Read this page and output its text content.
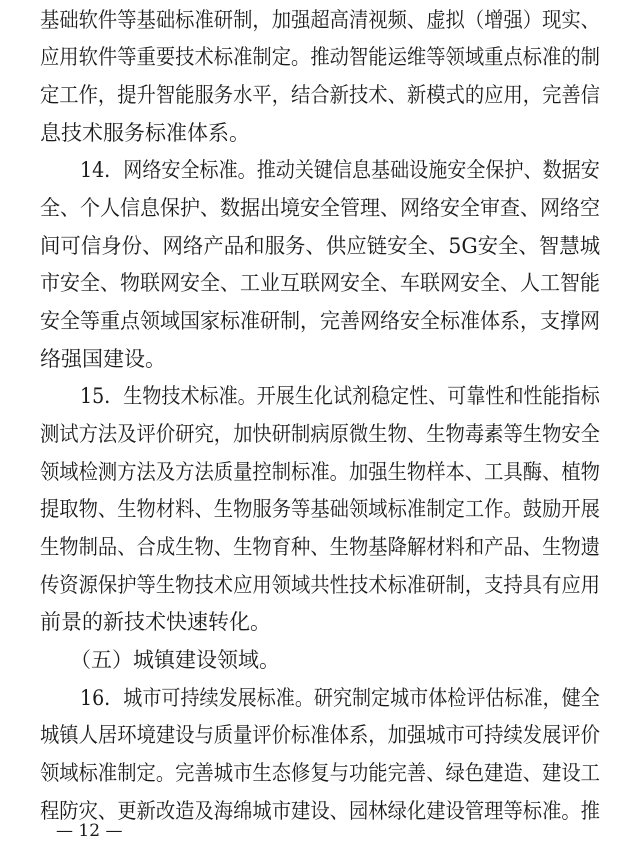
基础软件等基础标准研制，加强超高清视频、虚拟（增强）现实、
应用软件等重要技术标准制定。推动智能运维等领域重点标准的制
定工作，提升智能服务水平，结合新技术、新模式的应用，完善信
息技术服务标准体系。
14．网络安全标准。推动关键信息基础设施安全保护、数据安
全、个人信息保护、数据出境安全管理、网络安全审查、网络空
间可信身份、网络产品和服务、供应链安全、5G安全、智慧城
市安全、物联网安全、工业互联网安全、车联网安全、人工智能
安全等重点领域国家标准研制，完善网络安全标准体系，支撑网
络强国建设。
15．生物技术标准。开展生化试剂稳定性、可靠性和性能指标
测试方法及评价研究，加快研制病原微生物、生物毒素等生物安全
领域检测方法及方法质量控制标准。加强生物样本、工具酶、植物
提取物、生物材料、生物服务等基础领域标准制定工作。鼓励开展
生物制品、合成生物、生物育种、生物基降解材料和产品、生物遗
传资源保护等生物技术应用领域共性技术标准研制，支持具有应用
前景的新技术快速转化。
（五）城镇建设领域。
16．城市可持续发展标准。研究制定城市体检评估标准，健全
城镇人居环境建设与质量评价标准体系，加强城市可持续发展评价
领域标准制定。完善城市生态修复与功能完善、绿色建造、建设工
程防灾、更新改造及海绵城市建设、园林绿化建设管理等标准。推
— 12 —
